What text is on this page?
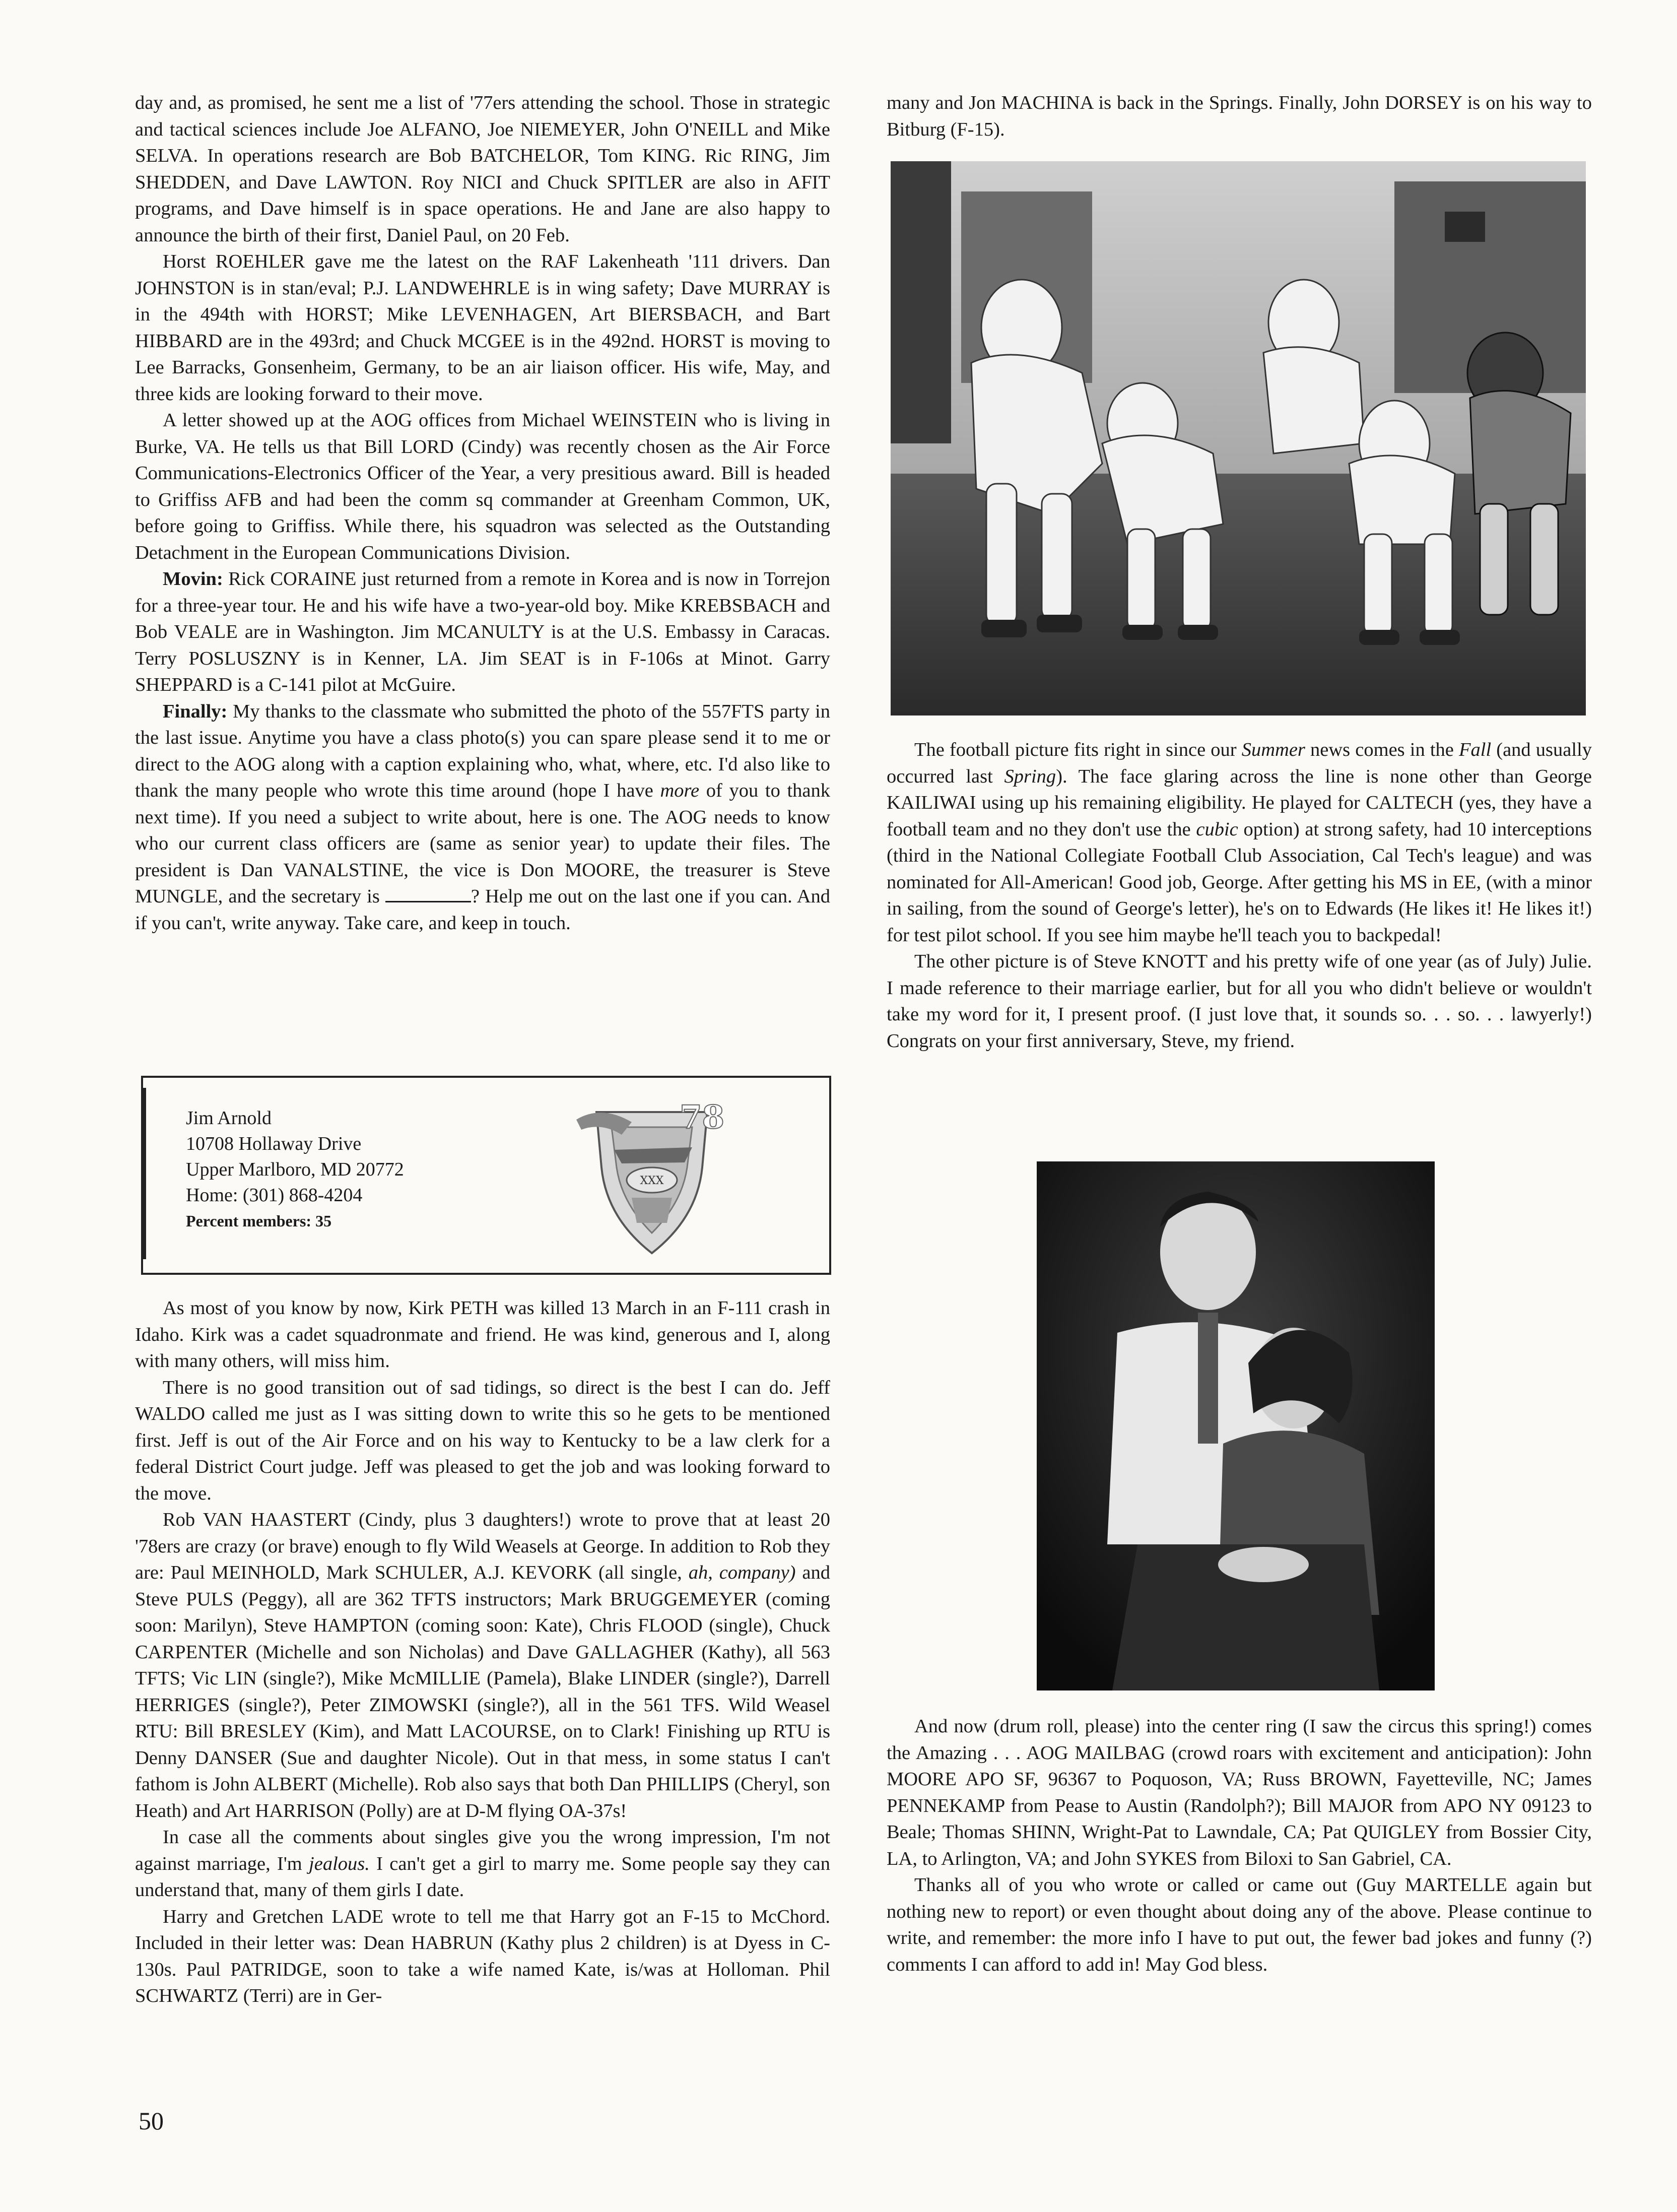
day and, as promised, he sent me a list of '77ers attending the school. Those in strategic and tactical sciences include Joe ALFANO, Joe NIEMEYER, John O'NEILL and Mike SELVA. In operations research are Bob BATCHELOR, Tom KING. Ric RING, Jim SHEDDEN, and Dave LAWTON. Roy NICI and Chuck SPITLER are also in AFIT programs, and Dave himself is in space operations. He and Jane are also happy to announce the birth of their first, Daniel Paul, on 20 Feb.

Horst ROEHLER gave me the latest on the RAF Lakenheath '111 drivers. Dan JOHNSTON is in stan/eval; P.J. LANDWEHRLE is in wing safety; Dave MURRAY is in the 494th with HORST; Mike LEVENHAGEN, Art BIERSBACH, and Bart HIBBARD are in the 493rd; and Chuck MCGEE is in the 492nd. HORST is moving to Lee Barracks, Gonsenheim, Germany, to be an air liaison officer. His wife, May, and three kids are looking forward to their move.

A letter showed up at the AOG offices from Michael WEINSTEIN who is living in Burke, VA. He tells us that Bill LORD (Cindy) was recently chosen as the Air Force Communications-Electronics Officer of the Year, a very presitious award. Bill is headed to Griffiss AFB and had been the comm sq commander at Greenham Common, UK, before going to Griffiss. While there, his squadron was selected as the Outstanding Detachment in the European Communications Division.

Movin: Rick CORAINE just returned from a remote in Korea and is now in Torrejon for a three-year tour. He and his wife have a two-year-old boy. Mike KREBSBACH and Bob VEALE are in Washington. Jim MCANULTY is at the U.S. Embassy in Caracas. Terry POSLUSZNY is in Kenner, LA. Jim SEAT is in F-106s at Minot. Garry SHEPPARD is a C-141 pilot at McGuire.

Finally: My thanks to the classmate who submitted the photo of the 557FTS party in the last issue. Anytime you have a class photo(s) you can spare please send it to me or direct to the AOG along with a caption explaining who, what, where, etc. I'd also like to thank the many people who wrote this time around (hope I have more of you to thank next time). If you need a subject to write about, here is one. The AOG needs to know who our current class officers are (same as senior year) to update their files. The president is Dan VANALSTINE, the vice is Don MOORE, the treasurer is Steve MUNGLE, and the secretary is	? Help me out on the last one if you can. And if you can't, write anyway. Take care, and keep in touch.

Jim Arnold
10708 Hollaway Drive
Upper Marlboro, MD 20772
Home: (301) 868-4204
Percent members: 35
XXX
78

As most of you know by now, Kirk PETH was killed 13 March in an F-111 crash in Idaho. Kirk was a cadet squadronmate and friend. He was kind, generous and I, along with many others, will miss him.

There is no good transition out of sad tidings, so direct is the best I can do. Jeff WALDO called me just as I was sitting down to write this so he gets to be mentioned first. Jeff is out of the Air Force and on his way to Kentucky to be a law clerk for a federal District Court judge. Jeff was pleased to get the job and was looking forward to the move.

Rob VAN HAASTERT (Cindy, plus 3 daughters!) wrote to prove that at least 20 '78ers are crazy (or brave) enough to fly Wild Weasels at George. In addition to Rob they are: Paul MEINHOLD, Mark SCHULER, A.J. KEVORK (all single, ah, company) and Steve PULS (Peggy), all are 362 TFTS instructors; Mark BRUGGEMEYER (coming soon: Marilyn), Steve HAMPTON (coming soon: Kate), Chris FLOOD (single), Chuck CARPENTER (Michelle and son Nicholas) and Dave GALLAGHER (Kathy), all 563 TFTS; Vic LIN (single?), Mike McMILLIE (Pamela), Blake LINDER (single?), Darrell HERRIGES (single?), Peter ZIMOWSKI (single?), all in the 561 TFS. Wild Weasel RTU: Bill BRESLEY (Kim), and Matt LACOURSE, on to Clark! Finishing up RTU is Denny DANSER (Sue and daughter Nicole). Out in that mess, in some status I can't fathom is John ALBERT (Michelle). Rob also says that both Dan PHILLIPS (Cheryl, son Heath) and Art HARRISON (Polly) are at D-M flying OA-37s!

In case all the comments about singles give you the wrong impression, I'm not against marriage, I'm jealous. I can't get a girl to marry me. Some people say they can understand that, many of them girls I date.

Harry and Gretchen LADE wrote to tell me that Harry got an F-15 to McChord. Included in their letter was: Dean HABRUN (Kathy plus 2 children) is at Dyess in C-130s. Paul PATRIDGE, soon to take a wife named Kate, is/was at Holloman. Phil SCHWARTZ (Terri) are in Ger-

many and Jon MACHINA is back in the Springs. Finally, John DORSEY is on his way to Bitburg (F-15).

The football picture fits right in since our Summer news comes in the Fall (and usually occurred last Spring). The face glaring across the line is none other than George KAILIWAI using up his remaining eligibility. He played for CALTECH (yes, they have a football team and no they don't use the cubic option) at strong safety, had 10 interceptions (third in the National Collegiate Football Club Association, Cal Tech's league) and was nominated for All-American! Good job, George. After getting his MS in EE, (with a minor in sailing, from the sound of George's letter), he's on to Edwards (He likes it! He likes it!) for test pilot school. If you see him maybe he'll teach you to backpedal!

The other picture is of Steve KNOTT and his pretty wife of one year (as of July) Julie. I made reference to their marriage earlier, but for all you who didn't believe or wouldn't take my word for it, I present proof. (I just love that, it sounds so. . . so. . . lawyerly!) Congrats on your first anniversary, Steve, my friend.

And now (drum roll, please) into the center ring (I saw the circus this spring!) comes the Amazing . . . AOG MAILBAG (crowd roars with excitement and anticipation): John MOORE APO SF, 96367 to Poquoson, VA; Russ BROWN, Fayetteville, NC; James PENNEKAMP from Pease to Austin (Randolph?); Bill MAJOR from APO NY 09123 to Beale; Thomas SHINN, Wright-Pat to Lawndale, CA; Pat QUIGLEY from Bossier City, LA, to Arlington, VA; and John SYKES from Biloxi to San Gabriel, CA.

Thanks all of you who wrote or called or came out (Guy MARTELLE again but nothing new to report) or even thought about doing any of the above. Please continue to write, and remember: the more info I have to put out, the fewer bad jokes and funny (?) comments I can afford to add in! May God bless.

50
